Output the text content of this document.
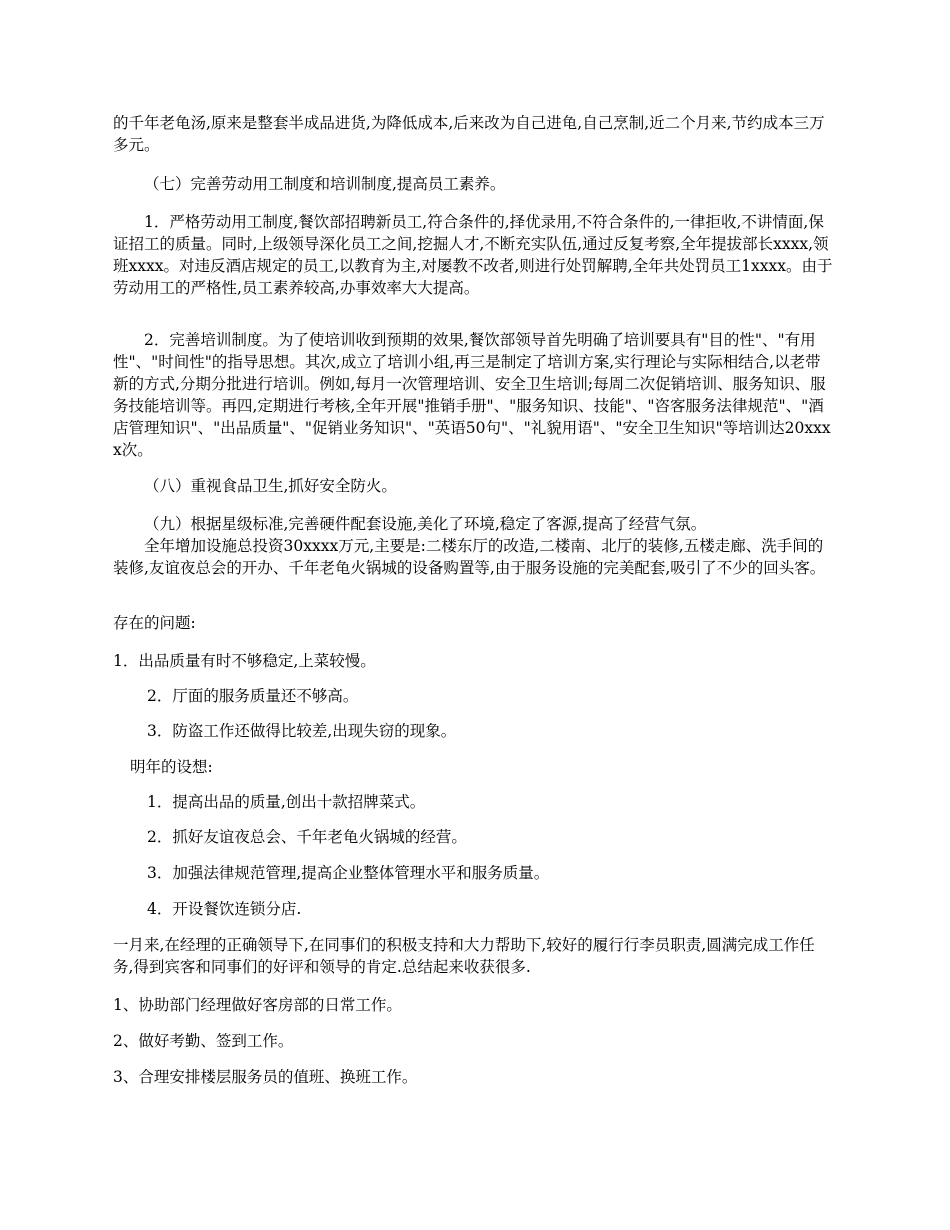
的千年老龟汤,原来是整套半成品进货,为降低成本,后来改为自己进龟,自己烹制,近二个月来,节约成本三万多元。

（七）完善劳动用工制度和培训制度,提高员工素养。

1．严格劳动用工制度,餐饮部招聘新员工,符合条件的,择优录用,不符合条件的,一律拒收,不讲情面,保证招工的质量。同时,上级领导深化员工之间,挖掘人才,不断充实队伍,通过反复考察,全年提拔部长xxxx,领班xxxx。对违反酒店规定的员工,以教育为主,对屡教不改者,则进行处罚解聘,全年共处罚员工1xxxx。由于劳动用工的严格性,员工素养较高,办事效率大大提高。

2．完善培训制度。为了使培训收到预期的效果,餐饮部领导首先明确了培训要具有"目的性"、"有用性"、"时间性"的指导思想。其次,成立了培训小组,再三是制定了培训方案,实行理论与实际相结合,以老带新的方式,分期分批进行培训。例如,每月一次管理培训、安全卫生培训;每周二次促销培训、服务知识、服务技能培训等。再四,定期进行考核,全年开展"推销手册"、"服务知识、技能"、"咨客服务法律规范"、"酒店管理知识"、"出品质量"、"促销业务知识"、"英语50句"、"礼貌用语"、"安全卫生知识"等培训达20xxxx次。

（八）重视食品卫生,抓好安全防火。

（九）根据星级标准,完善硬件配套设施,美化了环境,稳定了客源,提高了经营气氛。

全年增加设施总投资30xxxx万元,主要是:二楼东厅的改造,二楼南、北厅的装修,五楼走廊、洗手间的装修,友谊夜总会的开办、千年老龟火锅城的设备购置等,由于服务设施的完美配套,吸引了不少的回头客。

存在的问题:

1．出品质量有时不够稳定,上菜较慢。

2．厅面的服务质量还不够高。

3．防盗工作还做得比较差,出现失窃的现象。

明年的设想:

1．提高出品的质量,创出十款招牌菜式。

2．抓好友谊夜总会、千年老龟火锅城的经营。

3．加强法律规范管理,提高企业整体管理水平和服务质量。

4．开设餐饮连锁分店.

一月来,在经理的正确领导下,在同事们的积极支持和大力帮助下,较好的履行行李员职责,圆满完成工作任务,得到宾客和同事们的好评和领导的肯定.总结起来收获很多.

1、协助部门经理做好客房部的日常工作。

2、做好考勤、签到工作。

3、合理安排楼层服务员的值班、换班工作。
